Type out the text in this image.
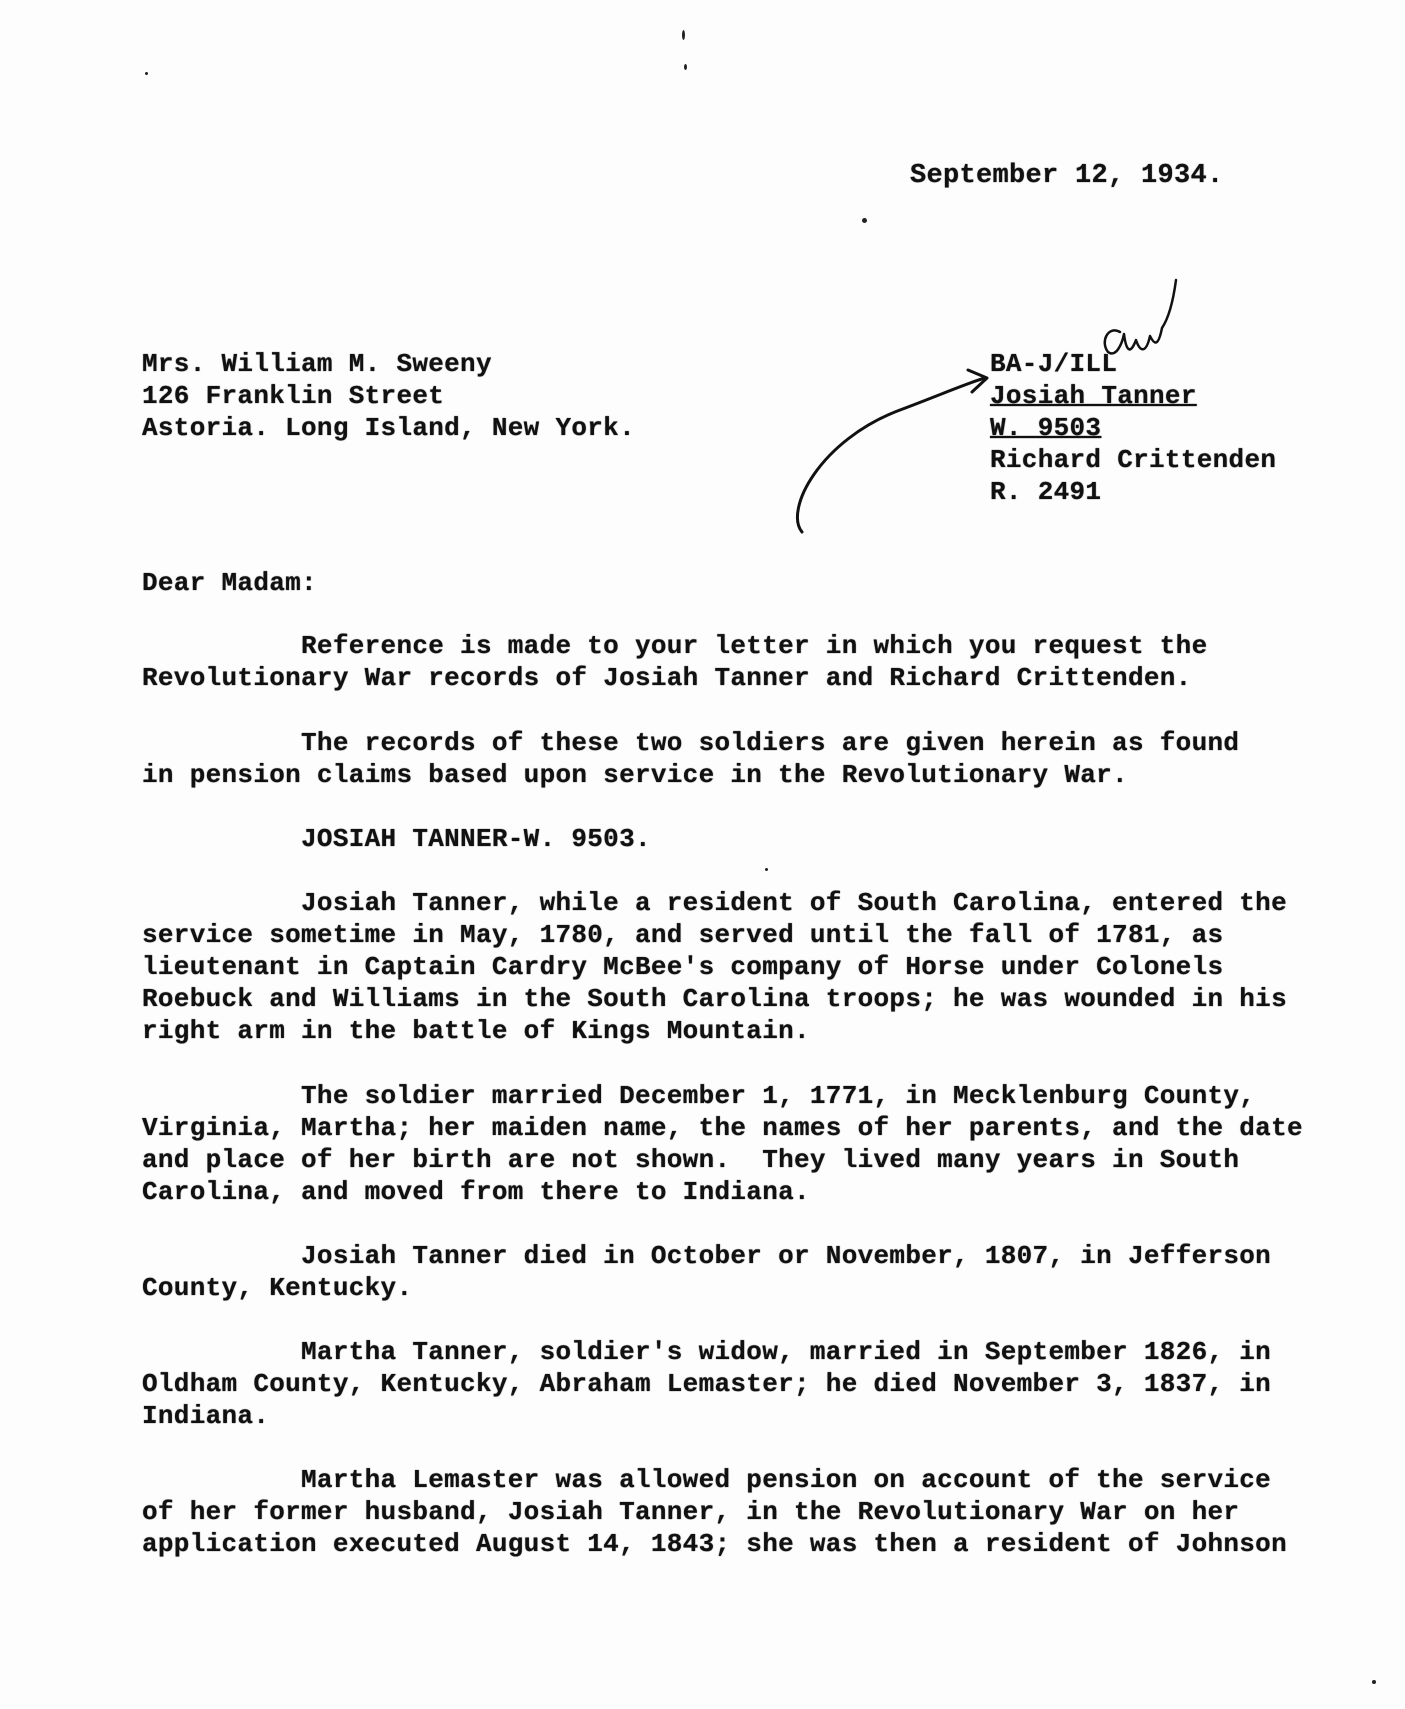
September 12, 1934.
Mrs. William M. Sweeny
126 Franklin Street
Astoria. Long Island, New York.
BA-J/ILL
Josiah Tanner
W. 9503
Richard Crittenden
R. 2491
Dear Madam:
Reference is made to your letter in which you request the
Revolutionary War records of Josiah Tanner and Richard Crittenden.
The records of these two soldiers are given herein as found
in pension claims based upon service in the Revolutionary War.
JOSIAH TANNER-W. 9503.
Josiah Tanner, while a resident of South Carolina, entered the
service sometime in May, 1780, and served until the fall of 1781, as
lieutenant in Captain Cardry McBee's company of Horse under Colonels
Roebuck and Williams in the South Carolina troops; he was wounded in his
right arm in the battle of Kings Mountain.
The soldier married December 1, 1771, in Mecklenburg County,
Virginia, Martha; her maiden name, the names of her parents, and the date
and place of her birth are not shown.  They lived many years in South
Carolina, and moved from there to Indiana.
Josiah Tanner died in October or November, 1807, in Jefferson
County, Kentucky.
Martha Tanner, soldier's widow, married in September 1826, in
Oldham County, Kentucky, Abraham Lemaster; he died November 3, 1837, in
Indiana.
Martha Lemaster was allowed pension on account of the service
of her former husband, Josiah Tanner, in the Revolutionary War on her
application executed August 14, 1843; she was then a resident of Johnson
